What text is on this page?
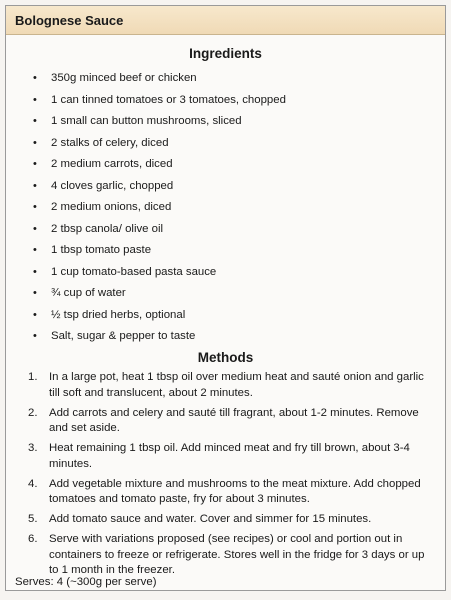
Bolognese Sauce
Ingredients
• 350g minced beef or chicken
• 1 can tinned tomatoes or 3 tomatoes, chopped
• 1 small can button mushrooms, sliced
• 2 stalks of celery, diced
• 2 medium carrots, diced
• 4 cloves garlic, chopped
• 2 medium onions, diced
• 2 tbsp canola/ olive oil
• 1 tbsp tomato paste
• 1 cup tomato-based pasta sauce
• ¾ cup of water
• ½ tsp dried herbs, optional
• Salt, sugar & pepper to taste
Methods
1. In a large pot, heat 1 tbsp oil over medium heat and sauté onion and garlic till soft and translucent, about 2 minutes.
2. Add carrots and celery and sauté till fragrant, about 1-2 minutes. Remove and set aside.
3. Heat remaining 1 tbsp oil. Add minced meat and fry till brown, about 3-4 minutes.
4. Add vegetable mixture and mushrooms to the meat mixture. Add chopped tomatoes and tomato paste, fry for about 3 minutes.
5. Add tomato sauce and water. Cover and simmer for 15 minutes.
6. Serve with variations proposed (see recipes) or cool and portion out in containers to freeze or refrigerate. Stores well in the fridge for 3 days or up to 1 month in the freezer.
Serves: 4 (~300g per serve)
